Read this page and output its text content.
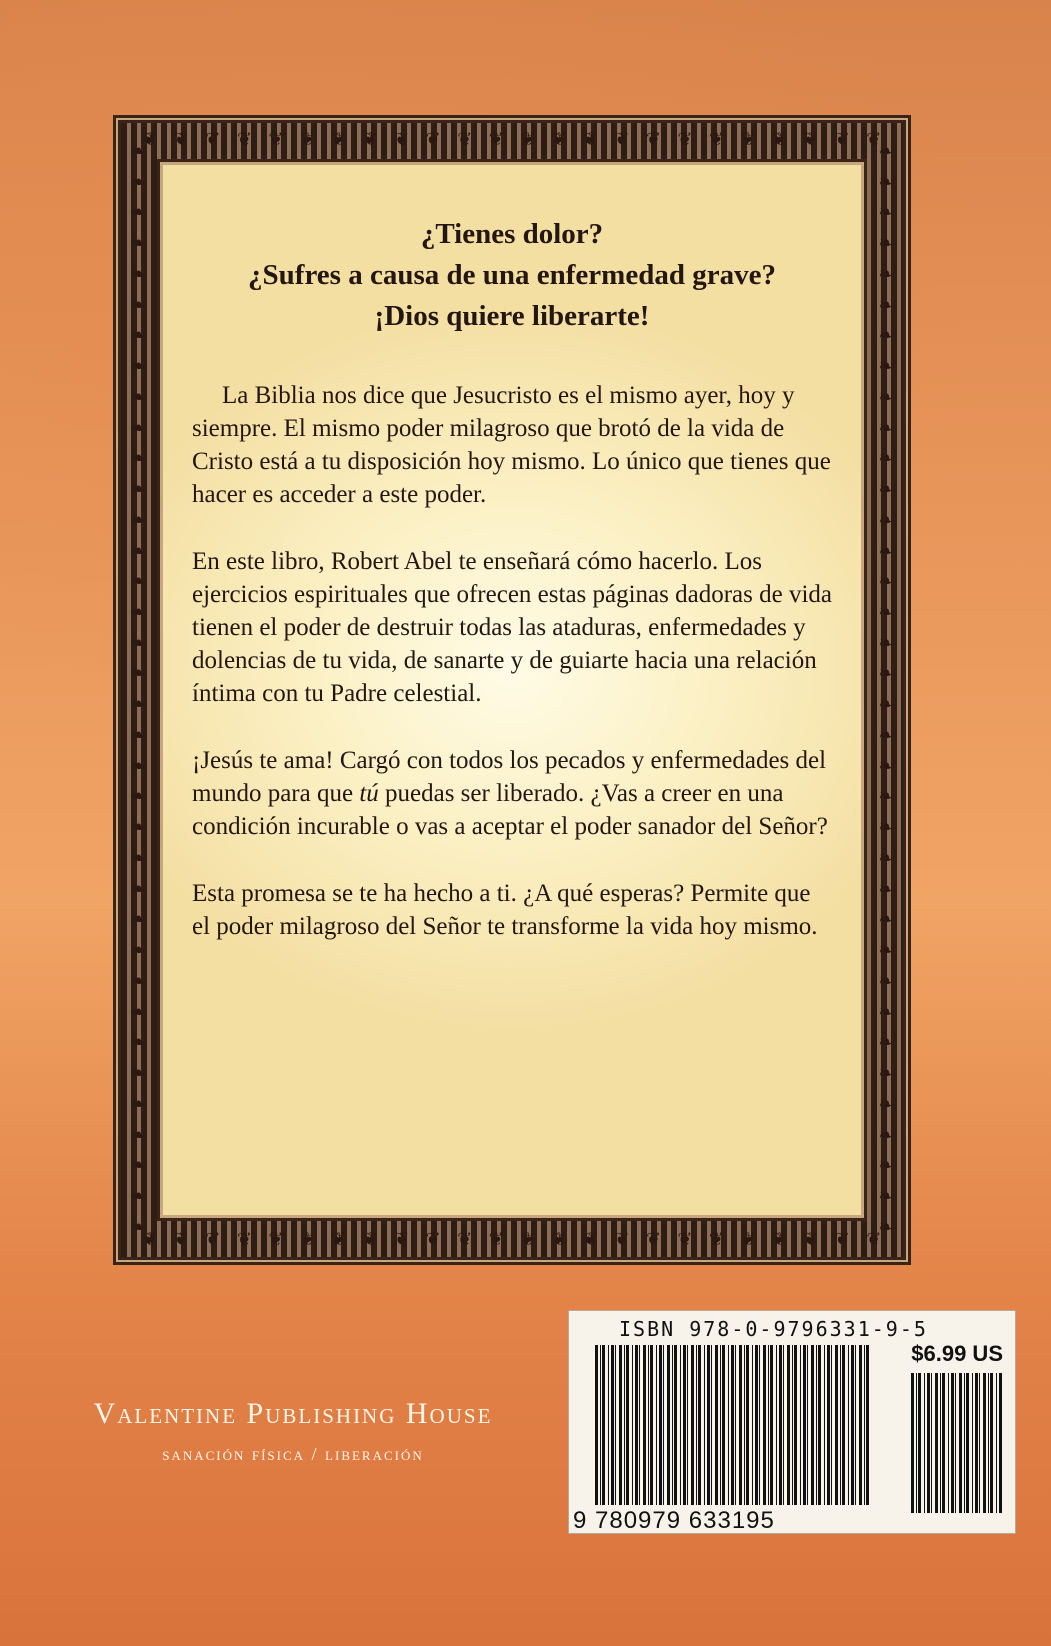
❦ ❦ ❦ ❦ ❦ ❦ ❦ ❦ ❦ ❦ ❦ ❦ ❦ ❦ ❦ ❦ ❦ ❦ ❦ ❦ ❦ ❦ ❦ ❦
❦ ❦ ❦ ❦ ❦ ❦ ❦ ❦ ❦ ❦ ❦ ❦ ❦ ❦ ❦ ❦ ❦ ❦ ❦ ❦ ❦ ❦ ❦ ❦
❧
❧
❧
❧
❧
❧
❧
❧
❧
❧
❧
❧
❧
❧
❧
❧
❧
❧
❧
❧
❧
❧
❧
❧
❧
❧
❧
❧
❧
❧
❧
❧
❧
❧
❧
❧
❧
❧
❧
❧
❧
❧
❧
❧
❧
❧
❧
❧
❧
❧
❧
❧
❧
❧
❧
❧
❧
❧
❧
❧
❧
❧
❧
❧
❧
❧
❧
❧
❧
❧
❧
❧
¿Tienes dolor?
¿Sufres a causa de una enfermedad grave?
¡Dios quiere liberarte!

La Biblia nos dice que Jesucristo es el mismo ayer, hoy y siempre. El mismo poder milagroso que brotó de la vida de Cristo está a tu disposición hoy mismo. Lo único que tienes que hacer es acceder a este poder.

En este libro, Robert Abel te enseñará cómo hacerlo. Los ejercicios espirituales que ofrecen estas páginas dadoras de vida tienen el poder de destruir todas las ataduras, enfermedades y dolencias de tu vida, de sanarte y de guiarte hacia una relación íntima con tu Padre celestial.

¡Jesús te ama! Cargó con todos los pecados y enfermedades del mundo para que tú puedas ser liberado. ¿Vas a creer en una condición incurable o vas a aceptar el poder sanador del Señor?

Esta promesa se te ha hecho a ti. ¿A qué esperas? Permite que el poder milagroso del Señor te transforme la vida hoy mismo.

Valentine Publishing House
sanación física / liberación
ISBN 978-0-9796331-9-5
$6.99 US
9 780979 633195
